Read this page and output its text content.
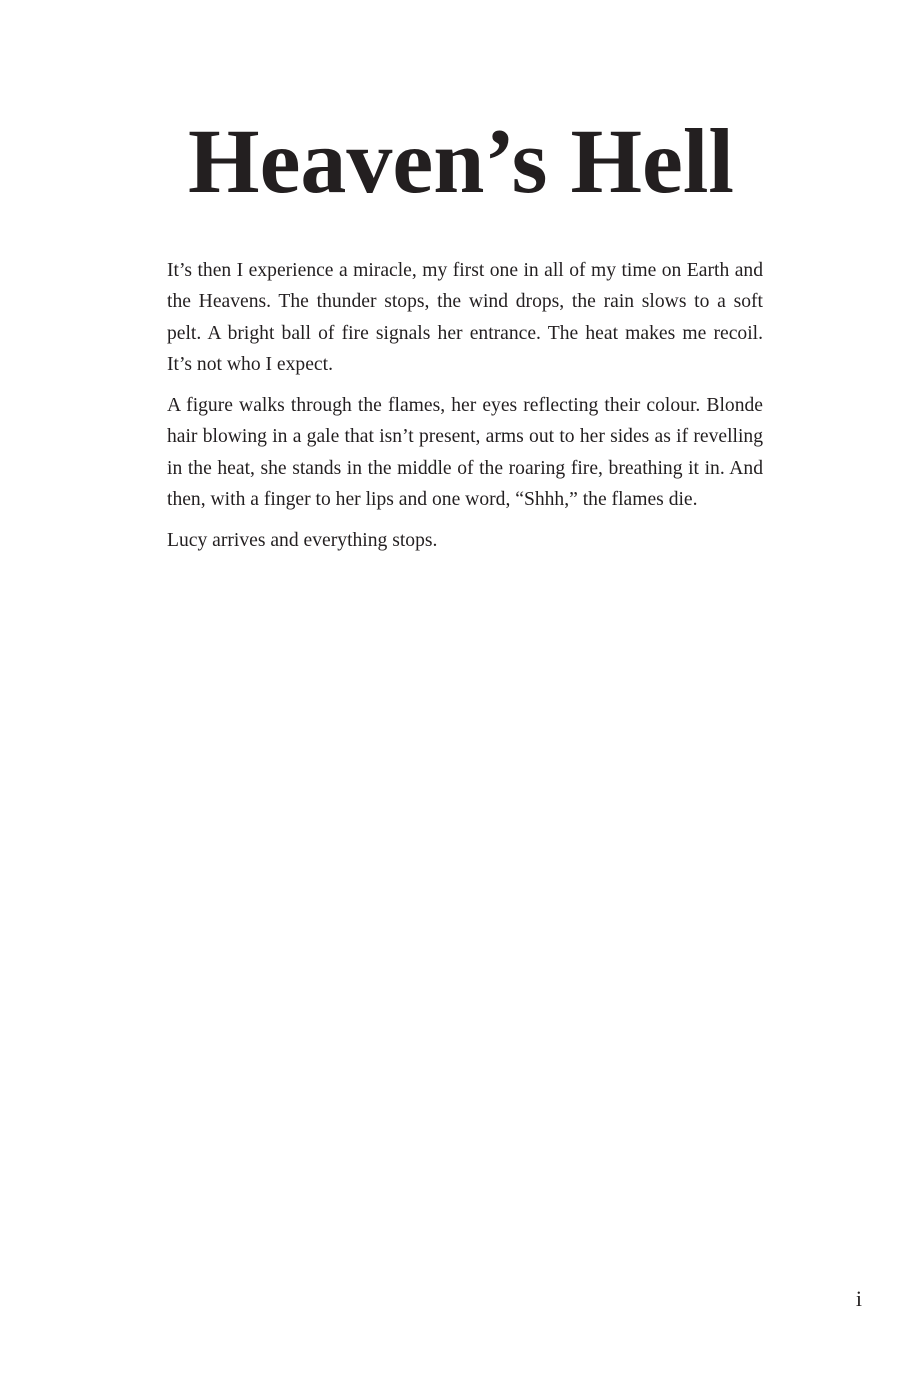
Heaven’s Hell

It’s then I experience a miracle, my first one in all of my time on Earth and the Heavens. The thunder stops, the wind drops, the rain slows to a soft pelt. A bright ball of fire signals her entrance. The heat makes me recoil. It’s not who I expect.

A figure walks through the flames, her eyes reflecting their colour. Blonde hair blowing in a gale that isn’t present, arms out to her sides as if revelling in the heat, she stands in the middle of the roaring fire, breathing it in. And then, with a finger to her lips and one word, “Shhh,” the flames die.

Lucy arrives and everything stops.

i
